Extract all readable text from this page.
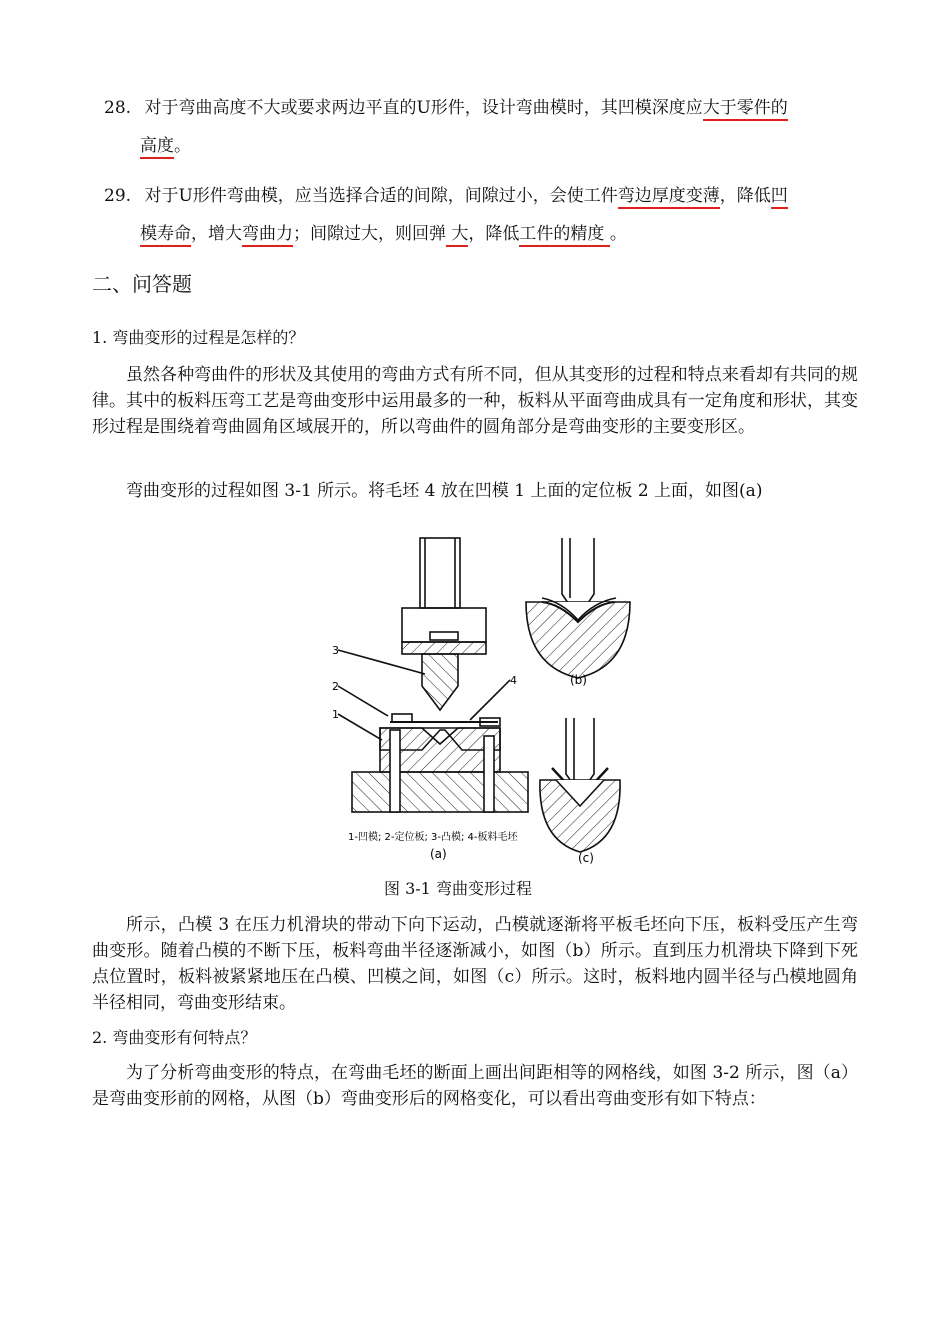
28. 对于弯曲高度不大或要求两边平直的U形件，设计弯曲模时，其凹模深度应大于零件的
高度。
29. 对于U形件弯曲模，应当选择合适的间隙，间隙过小，会使工件弯边厚度变薄，降低凹
模寿命，增大弯曲力；间隙过大，则回弹 大，降低工件的精度 。
二、问答题
1. 弯曲变形的过程是怎样的？
虽然各种弯曲件的形状及其使用的弯曲方式有所不同，但从其变形的过程和特点来看却有共同的规律。其中的板料压弯工艺是弯曲变形中运用最多的一种，板料从平面弯曲成具有一定角度和形状，其变形过程是围绕着弯曲圆角区域展开的，所以弯曲件的圆角部分是弯曲变形的主要变形区。
弯曲变形的过程如图 3-1 所示。将毛坯 4 放在凹模 1 上面的定位板 2 上面，如图(a)
3
2
1
4
1-凹模; 2-定位板; 3-凸模; 4-板料毛坯
(a)
(b)
(c)
图 3-1 弯曲变形过程
所示，凸模 3 在压力机滑块的带动下向下运动，凸模就逐渐将平板毛坯向下压，板料受压产生弯曲变形。随着凸模的不断下压，板料弯曲半径逐渐减小，如图（b）所示。直到压力机滑块下降到下死点位置时，板料被紧紧地压在凸模、凹模之间，如图（c）所示。这时，板料地内圆半径与凸模地圆角半径相同，弯曲变形结束。
2. 弯曲变形有何特点？
为了分析弯曲变形的特点，在弯曲毛坯的断面上画出间距相等的网格线，如图 3-2 所示，图（a）是弯曲变形前的网格，从图（b）弯曲变形后的网格变化，可以看出弯曲变形有如下特点：
